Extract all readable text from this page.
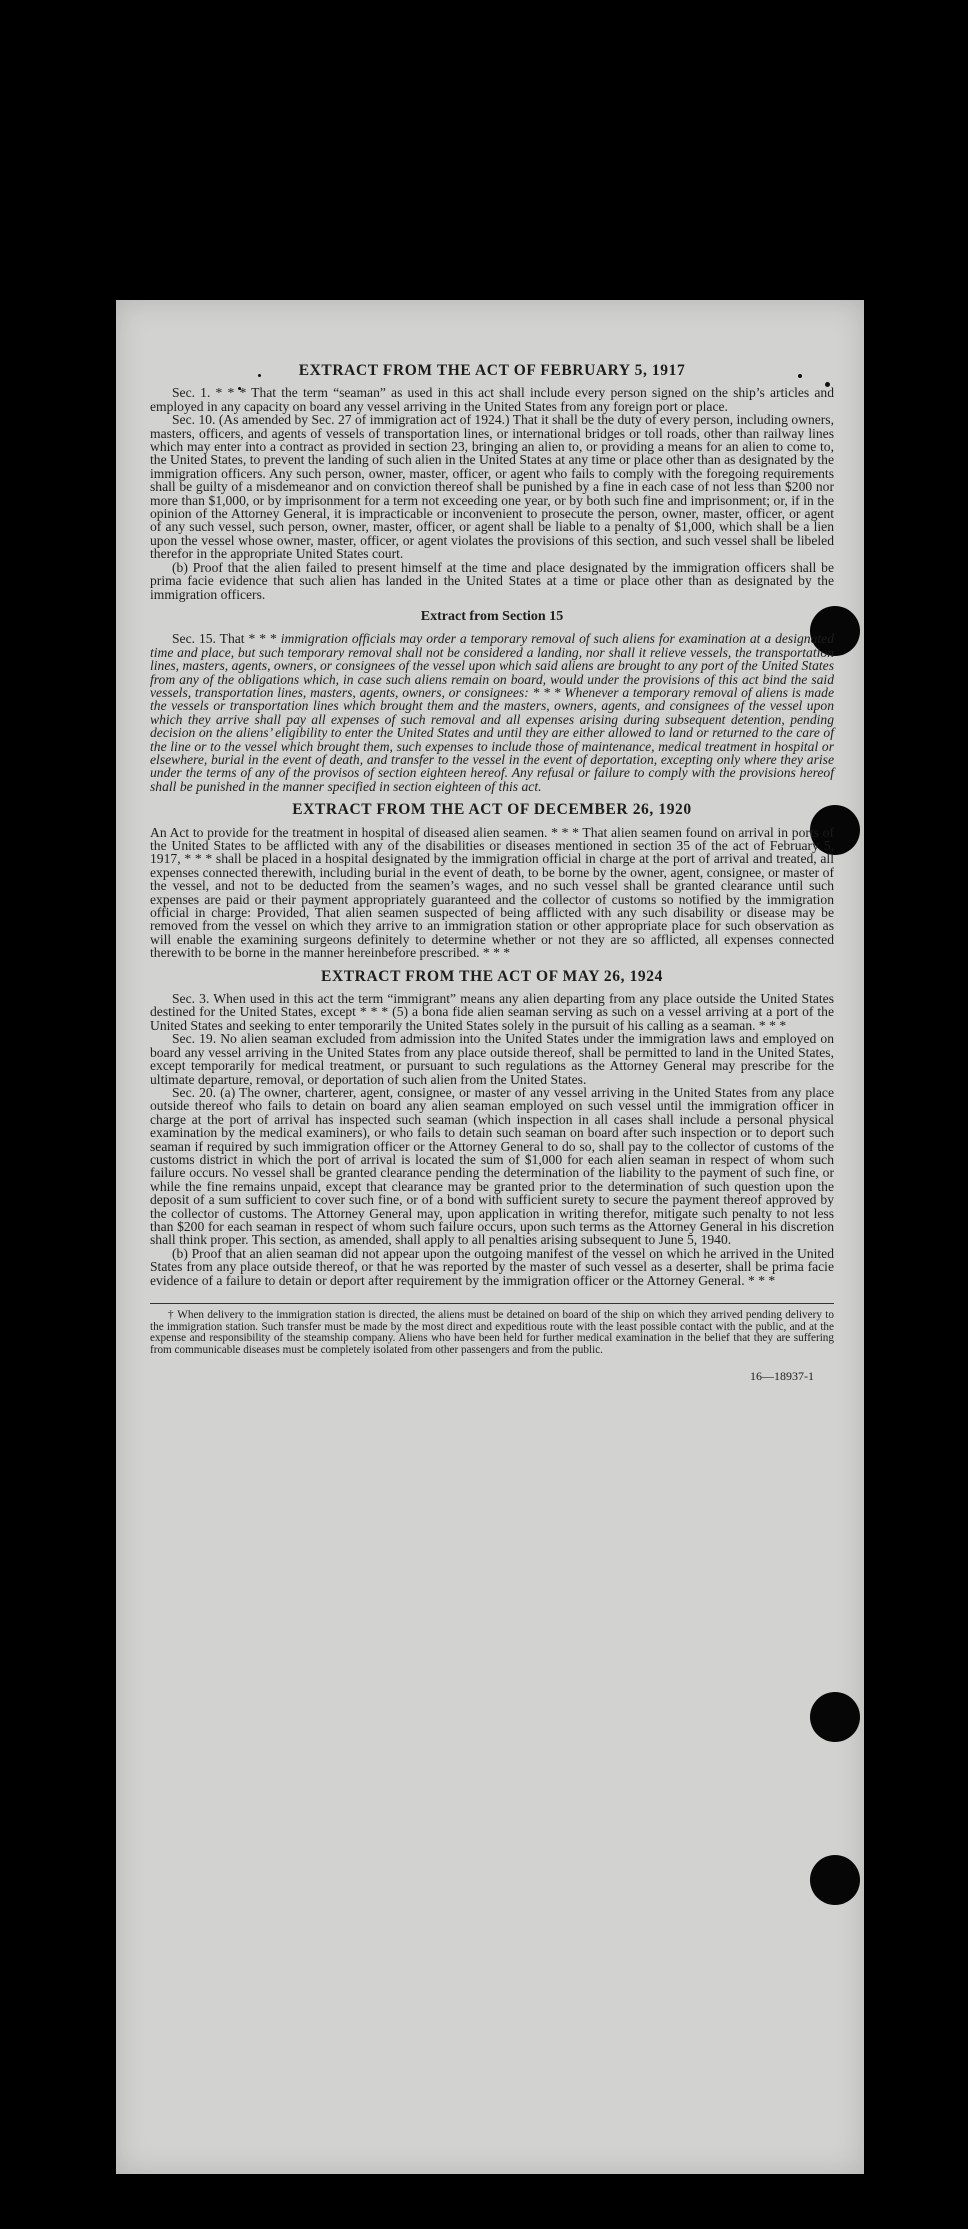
EXTRACT FROM THE ACT OF FEBRUARY 5, 1917

Sec. 1. * * * That the term “seaman” as used in this act shall include every person signed on the ship’s articles and employed in any capacity on board any vessel arriving in the United States from any foreign port or place.

Sec. 10. (As amended by Sec. 27 of immigration act of 1924.) That it shall be the duty of every person, including owners, masters, officers, and agents of vessels of transportation lines, or international bridges or toll roads, other than railway lines which may enter into a contract as provided in section 23, bringing an alien to, or providing a means for an alien to come to, the United States, to prevent the landing of such alien in the United States at any time or place other than as designated by the immigration officers. Any such person, owner, master, officer, or agent who fails to comply with the foregoing requirements shall be guilty of a misdemeanor and on conviction thereof shall be punished by a fine in each case of not less than $200 nor more than $1,000, or by imprisonment for a term not exceeding one year, or by both such fine and imprisonment; or, if in the opinion of the Attorney General, it is impracticable or inconvenient to prosecute the person, owner, master, officer, or agent of any such vessel, such person, owner, master, officer, or agent shall be liable to a penalty of $1,000, which shall be a lien upon the vessel whose owner, master, officer, or agent violates the provisions of this section, and such vessel shall be libeled therefor in the appropriate United States court.

(b) Proof that the alien failed to present himself at the time and place designated by the immigration officers shall be prima facie evidence that such alien has landed in the United States at a time or place other than as designated by the immigration officers.

Extract from Section 15

Sec. 15. That * * * immigration officials may order a temporary removal of such aliens for examination at a designated time and place, but such temporary removal shall not be considered a landing, nor shall it relieve vessels, the transportation lines, masters, agents, owners, or consignees of the vessel upon which said aliens are brought to any port of the United States from any of the obligations which, in case such aliens remain on board, would under the provisions of this act bind the said vessels, transportation lines, masters, agents, owners, or consignees: * * * Whenever a temporary removal of aliens is made the vessels or transportation lines which brought them and the masters, owners, agents, and consignees of the vessel upon which they arrive shall pay all expenses of such removal and all expenses arising during subsequent detention, pending decision on the aliens’ eligibility to enter the United States and until they are either allowed to land or returned to the care of the line or to the vessel which brought them, such expenses to include those of maintenance, medical treatment in hospital or elsewhere, burial in the event of death, and transfer to the vessel in the event of deportation, excepting only where they arise under the terms of any of the provisos of section eighteen hereof. Any refusal or failure to comply with the provisions hereof shall be punished in the manner specified in section eighteen of this act.

EXTRACT FROM THE ACT OF DECEMBER 26, 1920

An Act to provide for the treatment in hospital of diseased alien seamen. * * * That alien seamen found on arrival in ports of the United States to be afflicted with any of the disabilities or diseases mentioned in section 35 of the act of February 5, 1917, * * * shall be placed in a hospital designated by the immigration official in charge at the port of arrival and treated, all expenses connected therewith, including burial in the event of death, to be borne by the owner, agent, consignee, or master of the vessel, and not to be deducted from the seamen’s wages, and no such vessel shall be granted clearance until such expenses are paid or their payment appropriately guaranteed and the collector of customs so notified by the immigration official in charge: Provided, That alien seamen suspected of being afflicted with any such disability or disease may be removed from the vessel on which they arrive to an immigration station or other appropriate place for such observation as will enable the examining surgeons definitely to determine whether or not they are so afflicted, all expenses connected therewith to be borne in the manner hereinbefore prescribed. * * *

EXTRACT FROM THE ACT OF MAY 26, 1924

Sec. 3. When used in this act the term “immigrant” means any alien departing from any place outside the United States destined for the United States, except * * * (5) a bona fide alien seaman serving as such on a vessel arriving at a port of the United States and seeking to enter temporarily the United States solely in the pursuit of his calling as a seaman. * * *

Sec. 19. No alien seaman excluded from admission into the United States under the immigration laws and employed on board any vessel arriving in the United States from any place outside thereof, shall be permitted to land in the United States, except temporarily for medical treatment, or pursuant to such regulations as the Attorney General may prescribe for the ultimate departure, removal, or deportation of such alien from the United States.

Sec. 20. (a) The owner, charterer, agent, consignee, or master of any vessel arriving in the United States from any place outside thereof who fails to detain on board any alien seaman employed on such vessel until the immigration officer in charge at the port of arrival has inspected such seaman (which inspection in all cases shall include a personal physical examination by the medical examiners), or who fails to detain such seaman on board after such inspection or to deport such seaman if required by such immigration officer or the Attorney General to do so, shall pay to the collector of customs of the customs district in which the port of arrival is located the sum of $1,000 for each alien seaman in respect of whom such failure occurs. No vessel shall be granted clearance pending the determination of the liability to the payment of such fine, or while the fine remains unpaid, except that clearance may be granted prior to the determination of such question upon the deposit of a sum sufficient to cover such fine, or of a bond with sufficient surety to secure the payment thereof approved by the collector of customs. The Attorney General may, upon application in writing therefor, mitigate such penalty to not less than $200 for each seaman in respect of whom such failure occurs, upon such terms as the Attorney General in his discretion shall think proper. This section, as amended, shall apply to all penalties arising subsequent to June 5, 1940.

(b) Proof that an alien seaman did not appear upon the outgoing manifest of the vessel on which he arrived in the United States from any place outside thereof, or that he was reported by the master of such vessel as a deserter, shall be prima facie evidence of a failure to detain or deport after requirement by the immigration officer or the Attorney General. * * *

† When delivery to the immigration station is directed, the aliens must be detained on board of the ship on which they arrived pending delivery to the immigration station. Such transfer must be made by the most direct and expeditious route with the least possible contact with the public, and at the expense and responsibility of the steamship company. Aliens who have been held for further medical examination in the belief that they are suffering from communicable diseases must be completely isolated from other passengers and from the public.
16—18937-1
